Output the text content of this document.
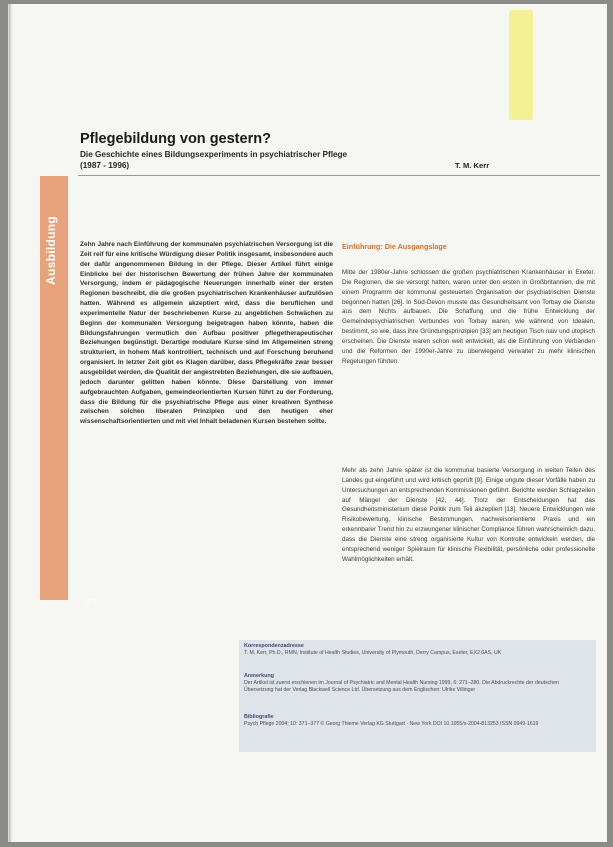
Ausbildung
371
Pflegebildung von gestern?

Die Geschichte eines Bildungsexperiments in psychiatrischer Pflege (1987 - 1996)	T. M. Kerr

Zehn Jahre nach Einführung der kommunalen psychiatrischen Versorgung ist die Zeit reif für eine kritische Würdigung dieser Politik insgesamt, insbesondere auch der dafür angenommenen Bildung in der Pflege. Dieser Artikel führt einige Einblicke bei der historischen Bewertung der frühen Jahre der kommunalen Versorgung, indem er pädagogische Neuerungen innerhalb einer der ersten Regionen beschreibt, die die großen psychiatrischen Krankenhäuser aufzulösen hatten. Während es allgemein akzeptiert wird, dass die beruflichen und experimentelle Natur der beschriebenen Kurse zu angeblichen Schwächen zu Beginn der kommunalen Versorgung beigetragen haben könnte, haben die Bildungsfahrungen vermutlich den Aufbau positiver pflegetherapeutischer Beziehungen begünstigt. Derartige modulare Kurse sind im Allgemeinen streng strukturiert, in hohem Maß kontrolliert, technisch und auf Forschung beruhend organisiert. In letzter Zeit gibt es Klagen darüber, dass Pflegekräfte zwar besser ausgebildet werden, die Qualität der angestrebten Beziehungen, die sie aufbauen, jedoch darunter gelitten haben könnte. Diese Darstellung von immer aufgebrauchten Aufgaben, gemeindeorientierten Kursen führt zu der Forderung, dass die Bildung für die psychiatrische Pflege aus einer kreativen Synthese zwischen solchen liberalen Prinzipien und den heutigen eher wissenschaftsorientierten und mit viel Inhalt beladenen Kursen bestehen sollte.

Einführung: Die Ausgangslage

Mitte der 1980er-Jahre schlossen die großen psychiatrischen Krankenhäuser in Exeter. Die Regionen, die sie versorgt hatten, waren unter den ersten in Großbritannien, die mit einem Programm der kommunal gesteuerten Organisation der psychiatrischen Dienste begonnen hatten [26]. In Süd-Devon musste das Gesundheitsamt von Torbay die Dienste aus dem Nichts aufbauen. Die Schaffung und die frühe Entwicklung der Gemeindepsychiatrischen Verbundes von Torbay waren, wie während von Idealen, bestimmt, so wie, dass ihre Gründungsprinzipien [33] am heutigen Tisch naiv und utopisch erscheinen. Die Dienste waren schon weit entwickelt, als die Einführung von Verbänden und die Reformen der 1990er-Jahre zu überwiegend verwaltet zu mehr klinischen Regelungen führten.

Mehr als zehn Jahre später ist die kommunal basierte Versorgung in weiten Teilen des Landes gut eingeführt und wird kritisch geprüft [9]. Einige ungute dieser Vorfälle haben zu Untersuchungen an entsprechenden Kommissionen geführt. Berichte werden Schlagzeilen auf Mängel der Dienste [42, 44]. Trotz der Entscheidungen hat das Gesundheitsministerium diese Politik zum Teil akzeptiert [13]. Neuere Entwicklungen wie Risikobewertung, klinische Bestimmungen, nachweisorientierte Praxis und ein erkennbarer Trend hin zu erzwungener klinischer Compliance führen wahrscheinlich dazu, dass die Dienste eine streng organisierte Kultur von Kontrolle entwickeln werden, die entsprechend weniger Spielraum für klinische Flexibilität, persönliche oder professionelle Wahlmöglichkeiten erhält.

Korrespondenzadresse
T. M. Kerr, Ph.D., RMN, Institute of Health Studies, University of Plymouth, Derry Campus, Exeter, EX2 6AS, UK
Anmerkung
Der Artikel ist zuerst erschienen im Journal of Psychiatric and Mental Health Nursing 1999, 6: 271–280. Die Abdruckrechte der deutschen Übersetzung hat der Verlag Blackwell Science Ltd. Übersetzung aus dem Englischen: Ulrike Villinger
Bibliografie
Psych Pflege 2004; 10: 371–377 © Georg Thieme Verlag KG Stuttgart · New York DOI 10.1055/s-2004-813253 ISSN 0949-1619
